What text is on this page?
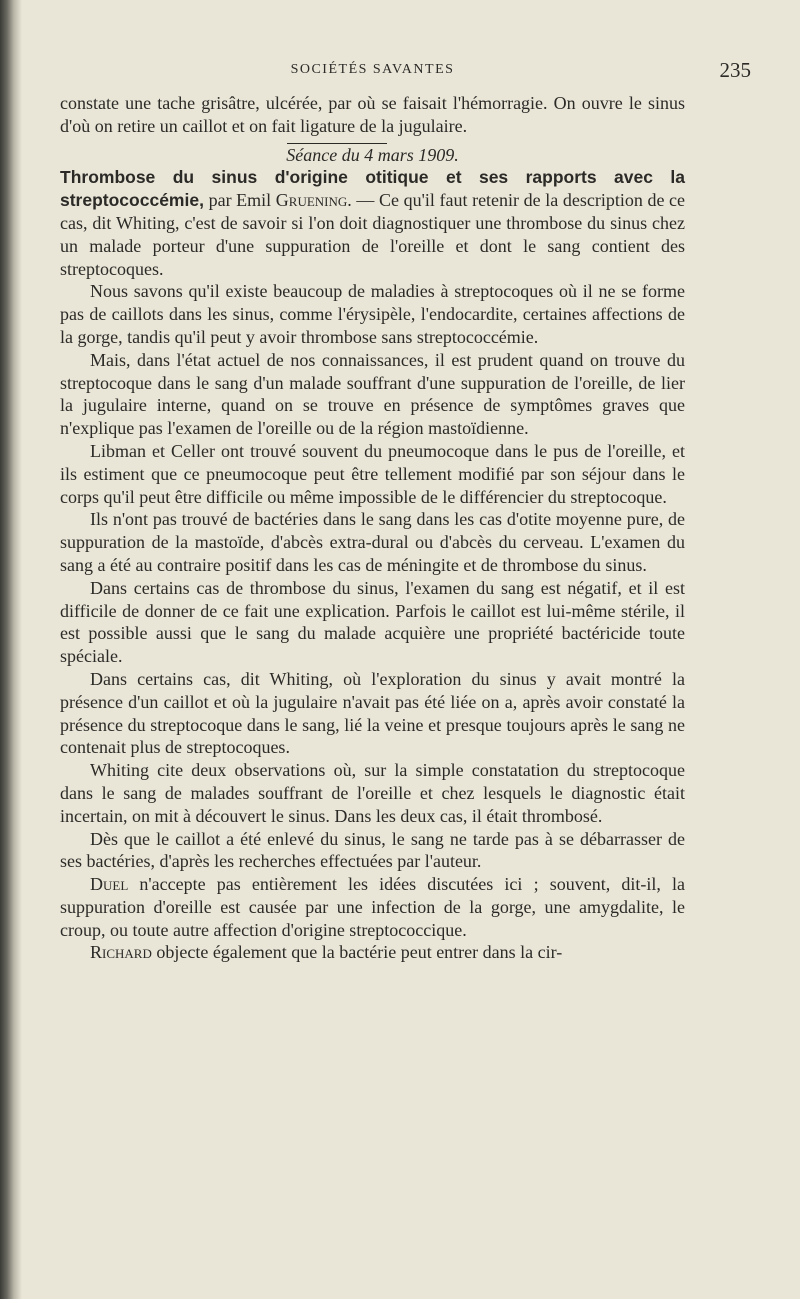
SOCIÉTÉS SAVANTES	235

constate une tache grisâtre, ulcérée, par où se faisait l'hémorragie. On ouvre le sinus d'où on retire un caillot et on fait ligature de la jugulaire.

Séance du 4 mars 1909.

Thrombose du sinus d'origine otitique et ses rapports avec la streptococcémie, par Emil Gruening. — Ce qu'il faut retenir de la description de ce cas, dit Whiting, c'est de savoir si l'on doit diagnostiquer une thrombose du sinus chez un malade porteur d'une suppuration de l'oreille et dont le sang contient des streptocoques.

Nous savons qu'il existe beaucoup de maladies à streptocoques où il ne se forme pas de caillots dans les sinus, comme l'érysipèle, l'endocardite, certaines affections de la gorge, tandis qu'il peut y avoir thrombose sans streptococcémie.

Mais, dans l'état actuel de nos connaissances, il est prudent quand on trouve du streptocoque dans le sang d'un malade souffrant d'une suppuration de l'oreille, de lier la jugulaire interne, quand on se trouve en présence de symptômes graves que n'explique pas l'examen de l'oreille ou de la région mastoïdienne.

Libman et Celler ont trouvé souvent du pneumocoque dans le pus de l'oreille, et ils estiment que ce pneumocoque peut être tellement modifié par son séjour dans le corps qu'il peut être difficile ou même impossible de le différencier du streptocoque.

Ils n'ont pas trouvé de bactéries dans le sang dans les cas d'otite moyenne pure, de suppuration de la mastoïde, d'abcès extra-dural ou d'abcès du cerveau. L'examen du sang a été au contraire positif dans les cas de méningite et de thrombose du sinus.

Dans certains cas de thrombose du sinus, l'examen du sang est négatif, et il est difficile de donner de ce fait une explication. Parfois le caillot est lui-même stérile, il est possible aussi que le sang du malade acquière une propriété bactéricide toute spéciale.

Dans certains cas, dit Whiting, où l'exploration du sinus y avait montré la présence d'un caillot et où la jugulaire n'avait pas été liée on a, après avoir constaté la présence du streptocoque dans le sang, lié la veine et presque toujours après le sang ne contenait plus de streptocoques.

Whiting cite deux observations où, sur la simple constatation du streptocoque dans le sang de malades souffrant de l'oreille et chez lesquels le diagnostic était incertain, on mit à découvert le sinus. Dans les deux cas, il était thrombosé.

Dès que le caillot a été enlevé du sinus, le sang ne tarde pas à se débarrasser de ses bactéries, d'après les recherches effectuées par l'auteur.

Duel n'accepte pas entièrement les idées discutées ici ; souvent, dit-il, la suppuration d'oreille est causée par une infection de la gorge, une amygdalite, le croup, ou toute autre affection d'origine streptococcique.

Richard objecte également que la bactérie peut entrer dans la cir-
